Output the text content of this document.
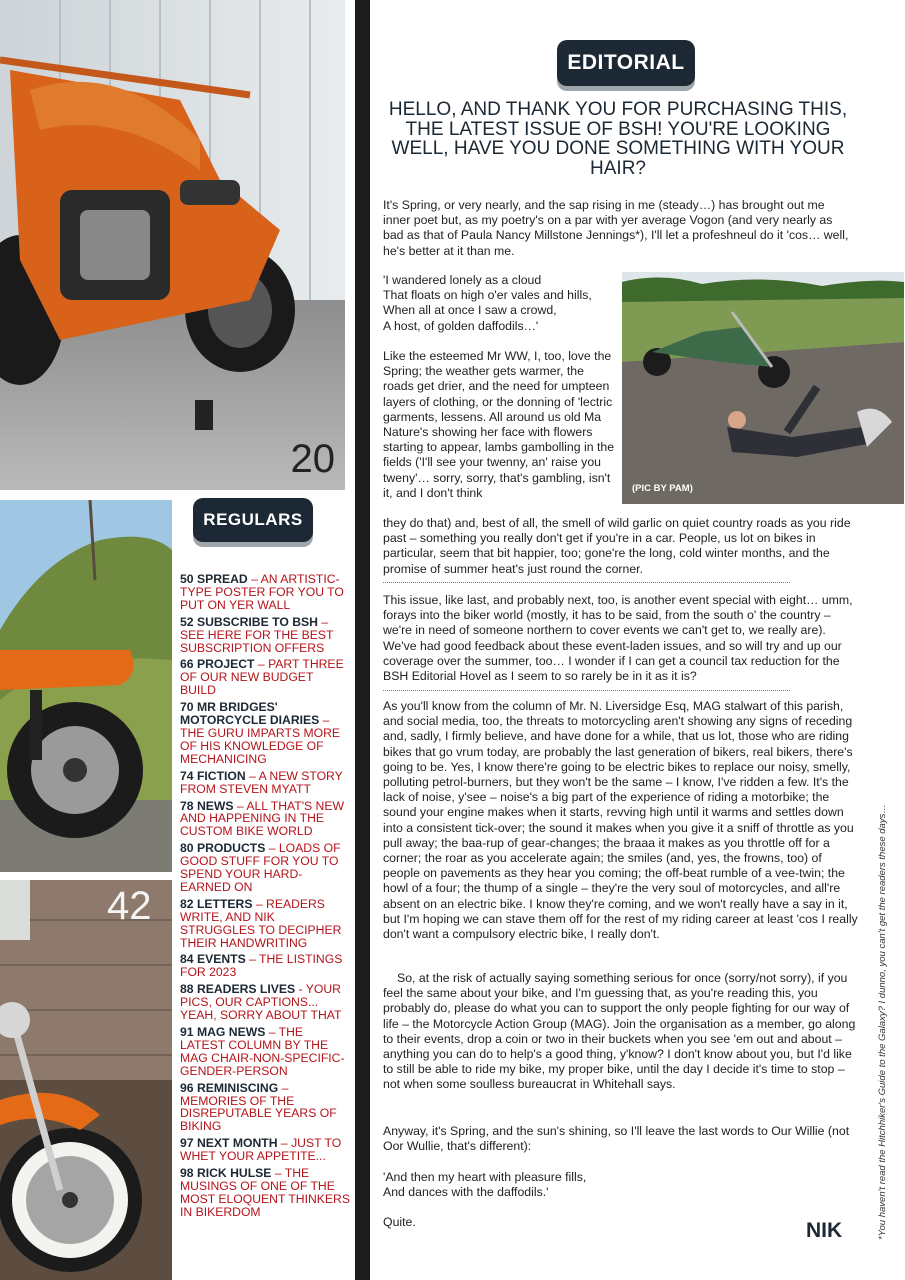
20
42
REGULARS
50 SPREAD – AN ARTISTIC-TYPE POSTER FOR YOU TO PUT ON YER WALL
52 SUBSCRIBE TO BSH – SEE HERE FOR THE BEST SUBSCRIPTION OFFERS
66 PROJECT – PART THREE OF OUR NEW BUDGET BUILD
70 MR BRIDGES' MOTORCYCLE DIARIES – THE GURU IMPARTS MORE OF HIS KNOWLEDGE OF MECHANICING
74 FICTION – A NEW STORY FROM STEVEN MYATT
78 NEWS – ALL THAT'S NEW AND HAPPENING IN THE CUSTOM BIKE WORLD
80 PRODUCTS – LOADS OF GOOD STUFF FOR YOU TO SPEND YOUR HARD-EARNED ON
82 LETTERS – READERS WRITE, AND NIK STRUGGLES TO DECIPHER THEIR HANDWRITING
84 EVENTS – THE LISTINGS FOR 2023
88 READERS LIVES - YOUR PICS, OUR CAPTIONS... YEAH, SORRY ABOUT THAT
91 MAG NEWS – THE LATEST COLUMN BY THE MAG CHAIR-NON-SPECIFIC-GENDER-PERSON
96 REMINISCING – MEMORIES OF THE DISREPUTABLE YEARS OF BIKING
97 NEXT MONTH – JUST TO WHET YOUR APPETITE...
98 RICK HULSE – THE MUSINGS OF ONE OF THE MOST ELOQUENT THINKERS IN BIKERDOM
EDITORIAL
HELLO, AND THANK YOU FOR PURCHASING THIS, THE LATEST ISSUE OF BSH! YOU'RE LOOKING WELL, HAVE YOU DONE SOMETHING WITH YOUR HAIR?
It's Spring, or very nearly, and the sap rising in me (steady…) has brought out me inner poet but, as my poetry's on a par with yer average Vogon (and very nearly as bad as that of Paula Nancy Millstone Jennings*), I'll let a profeshneul do it 'cos… well, he's better at it than me.
'I wandered lonely as a cloud
That floats on high o'er vales and hills,
When all at once I saw a crowd,
A host, of golden daffodils…'
Like the esteemed Mr WW, I, too, love the Spring; the weather gets warmer, the roads get drier, and the need for umpteen layers of clothing, or the donning of 'lectric garments, lessens. All around us old Ma Nature's showing her face with flowers starting to appear, lambs gambolling in the fields ('I'll see your twenny, an' raise you tweny'… sorry, sorry, that's gambling, isn't it, and I don't think	(PIC BY PAM)
they do that) and, best of all, the smell of wild garlic on quiet country roads as you ride past – something you really don't get if you're in a car. People, us lot on bikes in particular, seem that bit happier, too; gone're the long, cold winter months, and the promise of summer heat's just round the corner.
This issue, like last, and probably next, too, is another event special with eight… umm, forays into the biker world (mostly, it has to be said, from the south o' the country – we're in need of someone northern to cover events we can't get to, we really are). We've had good feedback about these event-laden issues, and so will try and up our coverage over the summer, too… I wonder if I can get a council tax reduction for the BSH Editorial Hovel as I seem to so rarely be in it as it is?
As you'll know from the column of Mr. N. Liversidge Esq, MAG stalwart of this parish, and social media, too, the threats to motorcycling aren't showing any signs of receding and, sadly, I firmly believe, and have done for a while, that us lot, those who are riding bikes that go vrum today, are probably the last generation of bikers, real bikers, there's going to be. Yes, I know there're going to be electric bikes to replace our noisy, smelly, polluting petrol-burners, but they won't be the same – I know, I've ridden a few. It's the lack of noise, y'see – noise's a big part of the experience of riding a motorbike; the sound your engine makes when it starts, revving high until it warms and settles down into a consistent tick-over; the sound it makes when you give it a sniff of throttle as you pull away; the baa-rup of gear-changes; the braaa it makes as you throttle off for a corner; the roar as you accelerate again; the smiles (and, yes, the frowns, too) of people on pavements as they hear you coming; the off-beat rumble of a vee-twin; the howl of a four; the thump of a single – they're the very soul of motorcycles, and all're absent on an electric bike. I know they're coming, and we won't really have a say in it, but I'm hoping we can stave them off for the rest of my riding career at least 'cos I really don't want a compulsory electric bike, I really don't.
So, at the risk of actually saying something serious for once (sorry/not sorry), if you feel the same about your bike, and I'm guessing that, as you're reading this, you probably do, please do what you can to support the only people fighting for our way of life – the Motorcycle Action Group (MAG). Join the organisation as a member, go along to their events, drop a coin or two in their buckets when you see 'em out and about – anything you can do to help's a good thing, y'know? I don't know about you, but I'd like to still be able to ride my bike, my proper bike, until the day I decide it's time to stop – not when some soulless bureaucrat in Whitehall says.
Anyway, it's Spring, and the sun's shining, so I'll leave the last words to Our Willie (not Oor Wullie, that's different):
'And then my heart with pleasure fills,
And dances with the daffodils.'
Quite.	NIK	*You haven't read the Hitchhiker's Guide to the Galaxy? I dunno, you can't get the readers these days…
